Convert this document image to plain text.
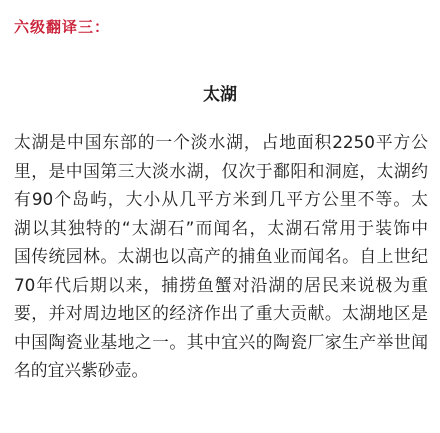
六级翻译三：
太湖
太湖是中国东部的一个淡水湖，占地面积2250平方公
里，是中国第三大淡水湖，仅次于鄱阳和洞庭，太湖约
有90个岛屿，大小从几平方米到几平方公里不等。太
湖以其独特的“太湖石”而闻名，太湖石常用于装饰中
国传统园林。太湖也以高产的捕鱼业而闻名。自上世纪
70年代后期以来，捕捞鱼蟹对沿湖的居民来说极为重
要，并对周边地区的经济作出了重大贡献。太湖地区是
中国陶瓷业基地之一。其中宜兴的陶瓷厂家生产举世闻
名的宜兴紫砂壶。
